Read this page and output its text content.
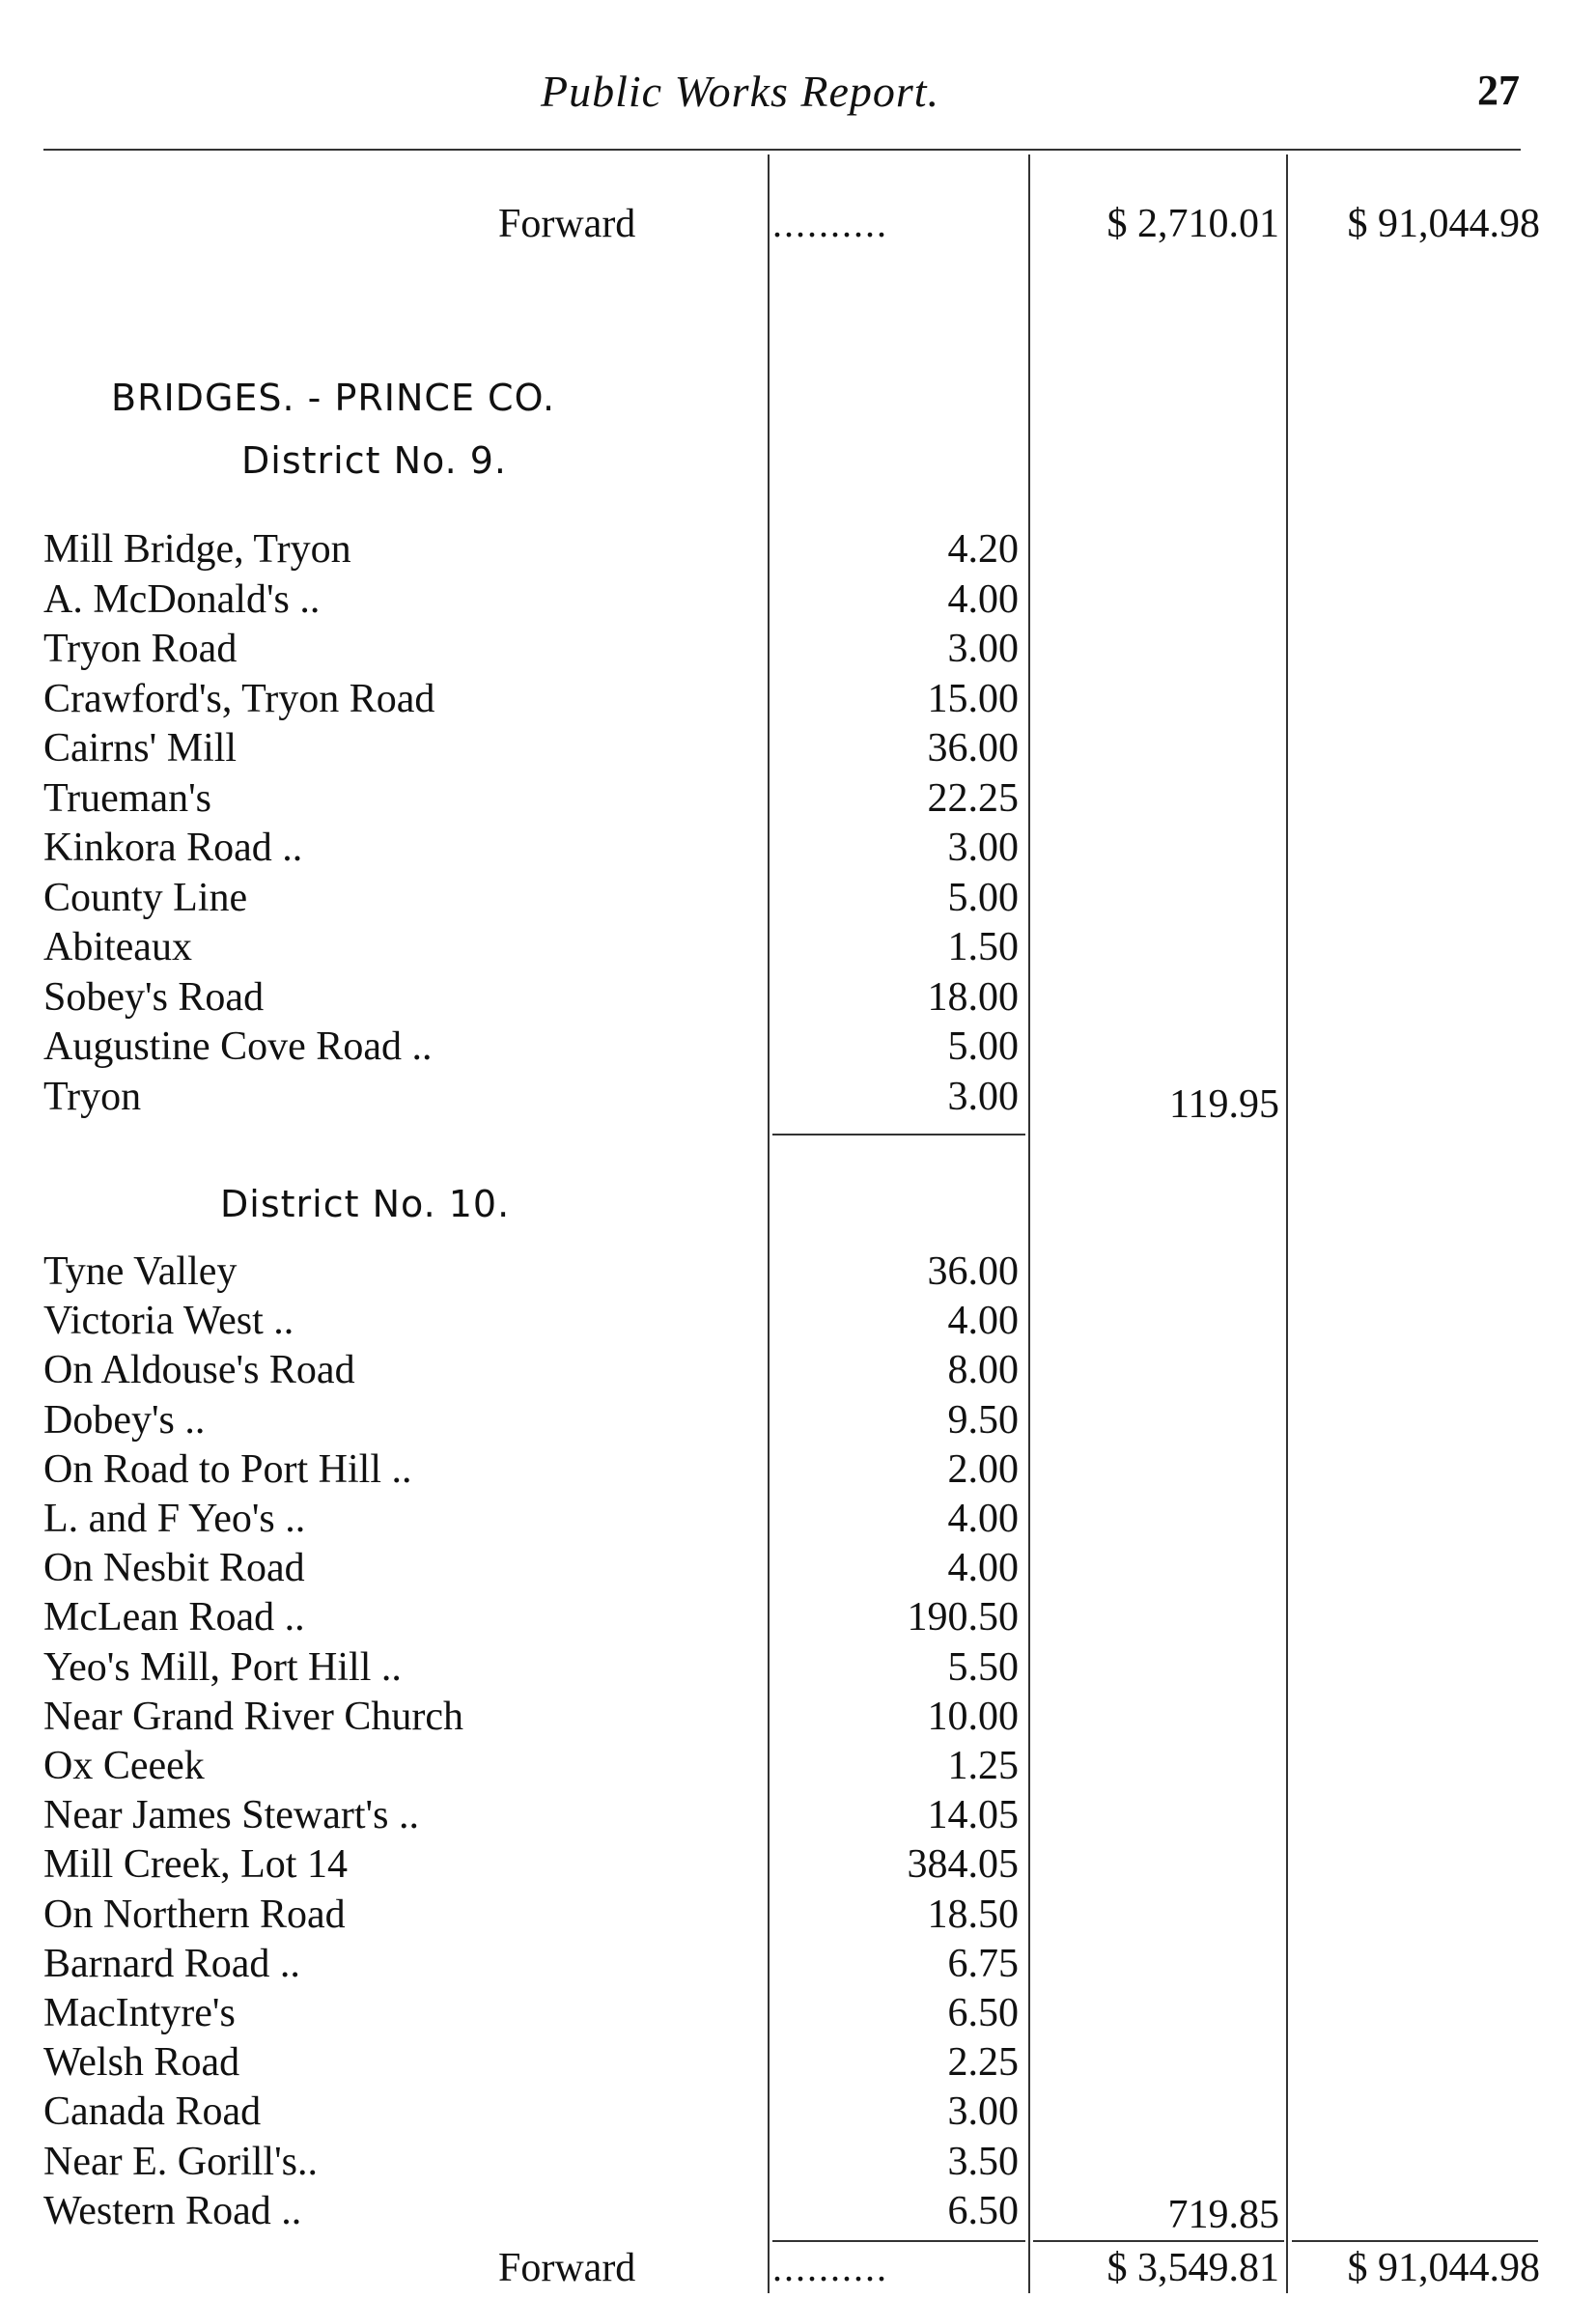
Public Works Report.	27
Forward	..........	$ 2,710.01	$ 91,044.98
BRIDGES. - PRINCE CO.
District No. 9.
Mill Bridge, Tryon	4.20
A. McDonald's ..	4.00
Tryon Road	3.00
Crawford's, Tryon Road	15.00
Cairns' Mill	36.00
Trueman's	22.25
Kinkora Road ..	3.00
County Line	5.00
Abiteaux	1.50
Sobey's Road	18.00
Augustine Cove Road ..	5.00
Tryon	3.00	119.95
District No. 10.
Tyne Valley	36.00
Victoria West ..	4.00
On Aldouse's Road	8.00
Dobey's ..	9.50
On Road to Port Hill ..	2.00
L. and F Yeo's ..	4.00
On Nesbit Road	4.00
McLean Road ..	190.50
Yeo's Mill, Port Hill ..	5.50
Near Grand River Church	10.00
Ox Ceeek	1.25
Near James Stewart's ..	14.05
Mill Creek, Lot 14	384.05
On Northern Road	18.50
Barnard Road ..	6.75
MacIntyre's	6.50
Welsh Road	2.25
Canada Road	3.00
Near E. Gorill's..	3.50
Western Road ..	6.50	719.85
Forward	..........	$ 3,549.81	$ 91,044.98
